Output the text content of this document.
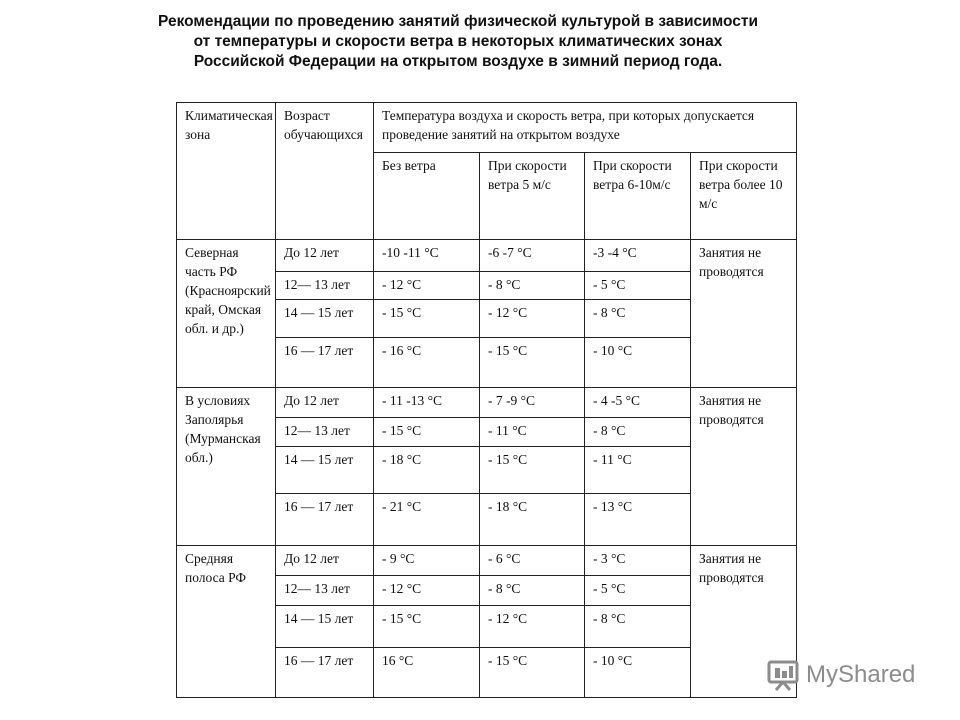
Рекомендации по проведению занятий физической культурой в зависимости от температуры и скорости ветра в некоторых климатических зонах Российской Федерации на открытом воздухе в зимний период года.
Климатическая зона	Возраст обучающихся	Температура воздуха и скорость ветра, при которых допускается проведение занятий на открытом воздухе			
		Без ветра	При скорости ветра 5 м/с	При скорости ветра 6-10м/с	При скорости ветра более 10 м/с
Северная часть РФ (Красноярский край, Омская обл. и др.)	До 12 лет	-10 -11 °С	-6 -7 °С	-3 -4 °С	Занятия не проводятся
	12— 13 лет	- 12 °С	- 8 °С	- 5 °С	
	14 — 15 лет	- 15 °С	- 12 °С	- 8 °С	
	16 — 17 лет	- 16 °С	- 15 °С	- 10 °С	
В условиях Заполярья (Мурманская обл.)	До 12 лет	- 11 -13 °С	- 7 -9 °С	- 4 -5 °С	Занятия не проводятся
	12— 13 лет	- 15 °С	- 11 °С	- 8 °С	
	14 — 15 лет	- 18 °С	- 15 °С	- 11 °С	
	16 — 17 лет	- 21 °С	- 18 °С	- 13 °С	
Средняя полоса РФ	До 12 лет	- 9 °С	- 6 °С	- 3 °С	Занятия не проводятся
	12— 13 лет	- 12 °С	- 8 °С	- 5 °С	
	14 — 15 лет	- 15 °С	- 12 °С	- 8 °С	
	16 — 17 лет	16 °С	- 15 °С	- 10 °С	
MyShared
